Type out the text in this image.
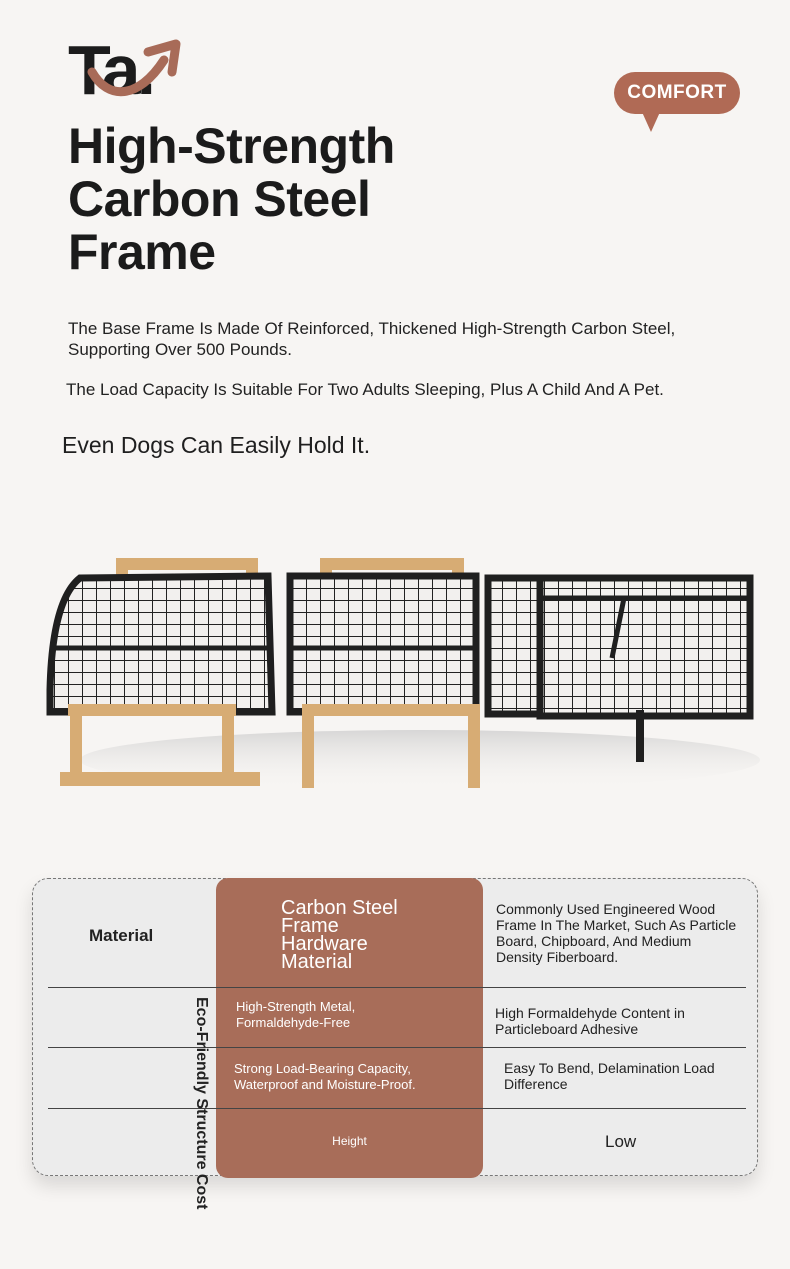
Ta.	COMFORT
High-Strength
Carbon Steel
Frame
The Base Frame Is Made Of Reinforced, Thickened High-Strength Carbon Steel, Supporting Over 500 Pounds.
The Load Capacity Is Suitable For Two Adults Sleeping, Plus A Child And A Pet.
Even Dogs Can Easily Hold It.
Material
Eco-Friendly Structure Cost
Carbon Steel
Frame
Hardware
Material
High-Strength Metal, Formaldehyde-Free
Strong Load-Bearing Capacity, Waterproof and Moisture-Proof.
Height
Commonly Used Engineered Wood Frame In The Market, Such As Particle Board, Chipboard, And Medium Density Fiberboard.
High Formaldehyde Content in Particleboard Adhesive
Easy To Bend, Delamination Load Difference
Low
